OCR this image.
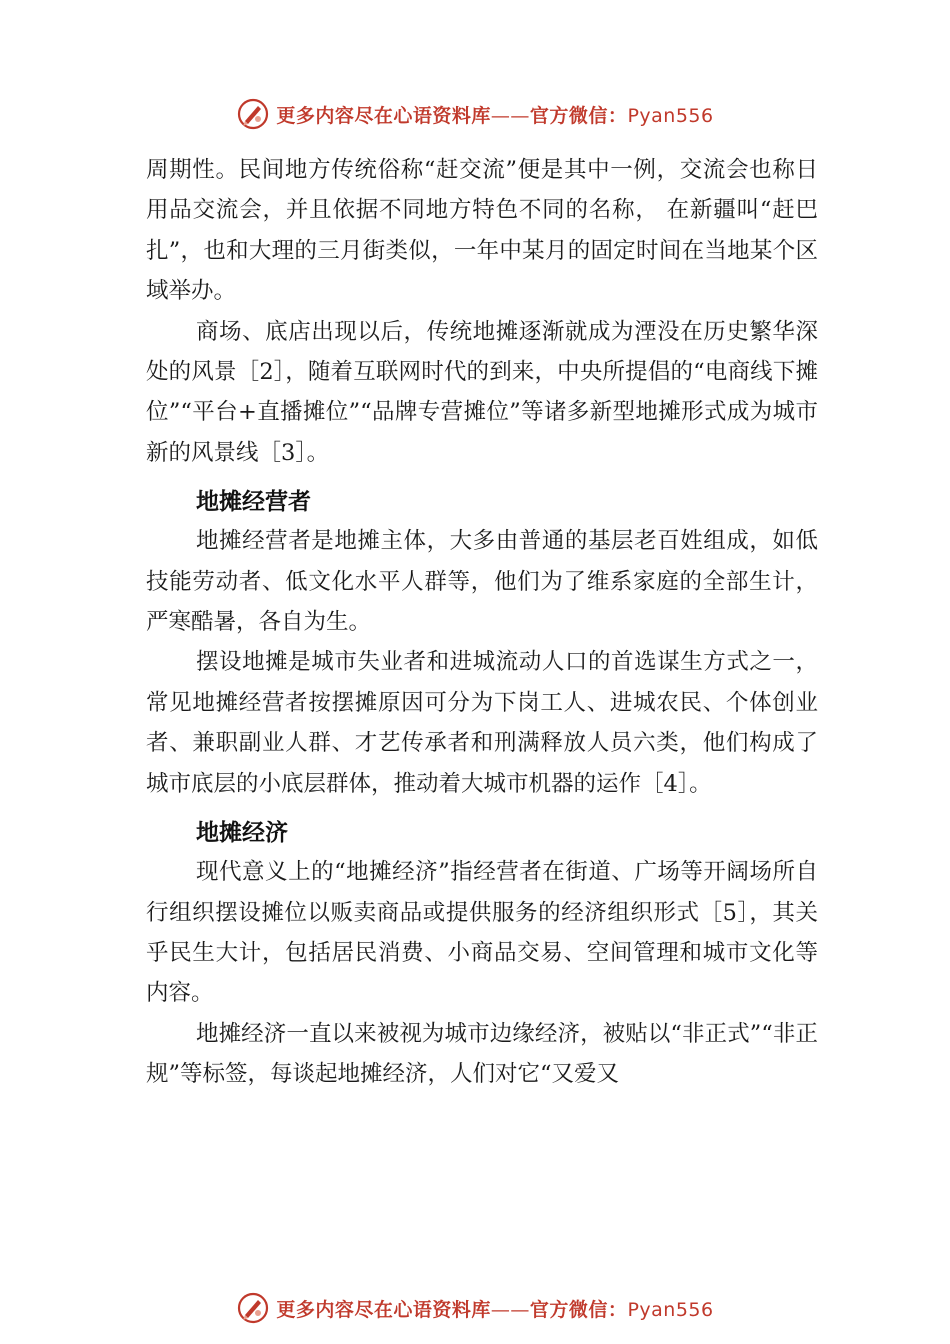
更多内容尽在心语资料库——官方微信：Pyan556

周期性。民间地方传统俗称“赶交流”便是其中一例，交流会也称日用品交流会，并且依据不同地方特色不同的名称， 在新疆叫“赶巴扎”，也和大理的三月街类似，一年中某月的固定时间在当地某个区域举办。

商场、底店出现以后，传统地摊逐渐就成为湮没在历史繁华深处的风景［2］，随着互联网时代的到来，中央所提倡的“电商线下摊位”“平台+直播摊位”“品牌专营摊位”等诸多新型地摊形式成为城市新的风景线［3］。

地摊经营者

地摊经营者是地摊主体，大多由普通的基层老百姓组成，如低技能劳动者、低文化水平人群等，他们为了维系家庭的全部生计，严寒酷暑，各自为生。

摆设地摊是城市失业者和进城流动人口的首选谋生方式之一，常见地摊经营者按摆摊原因可分为下岗工人、进城农民、个体创业者、兼职副业人群、才艺传承者和刑满释放人员六类，他们构成了城市底层的小底层群体，推动着大城市机器的运作［4］。

地摊经济

现代意义上的“地摊经济”指经营者在街道、广场等开阔场所自行组织摆设摊位以贩卖商品或提供服务的经济组织形式［5］，其关乎民生大计，包括居民消费、小商品交易、空间管理和城市文化等内容。

地摊经济一直以来被视为城市边缘经济，被贴以“非正式”“非正规”等标签，每谈起地摊经济，人们对它“又爱又

更多内容尽在心语资料库——官方微信：Pyan556
